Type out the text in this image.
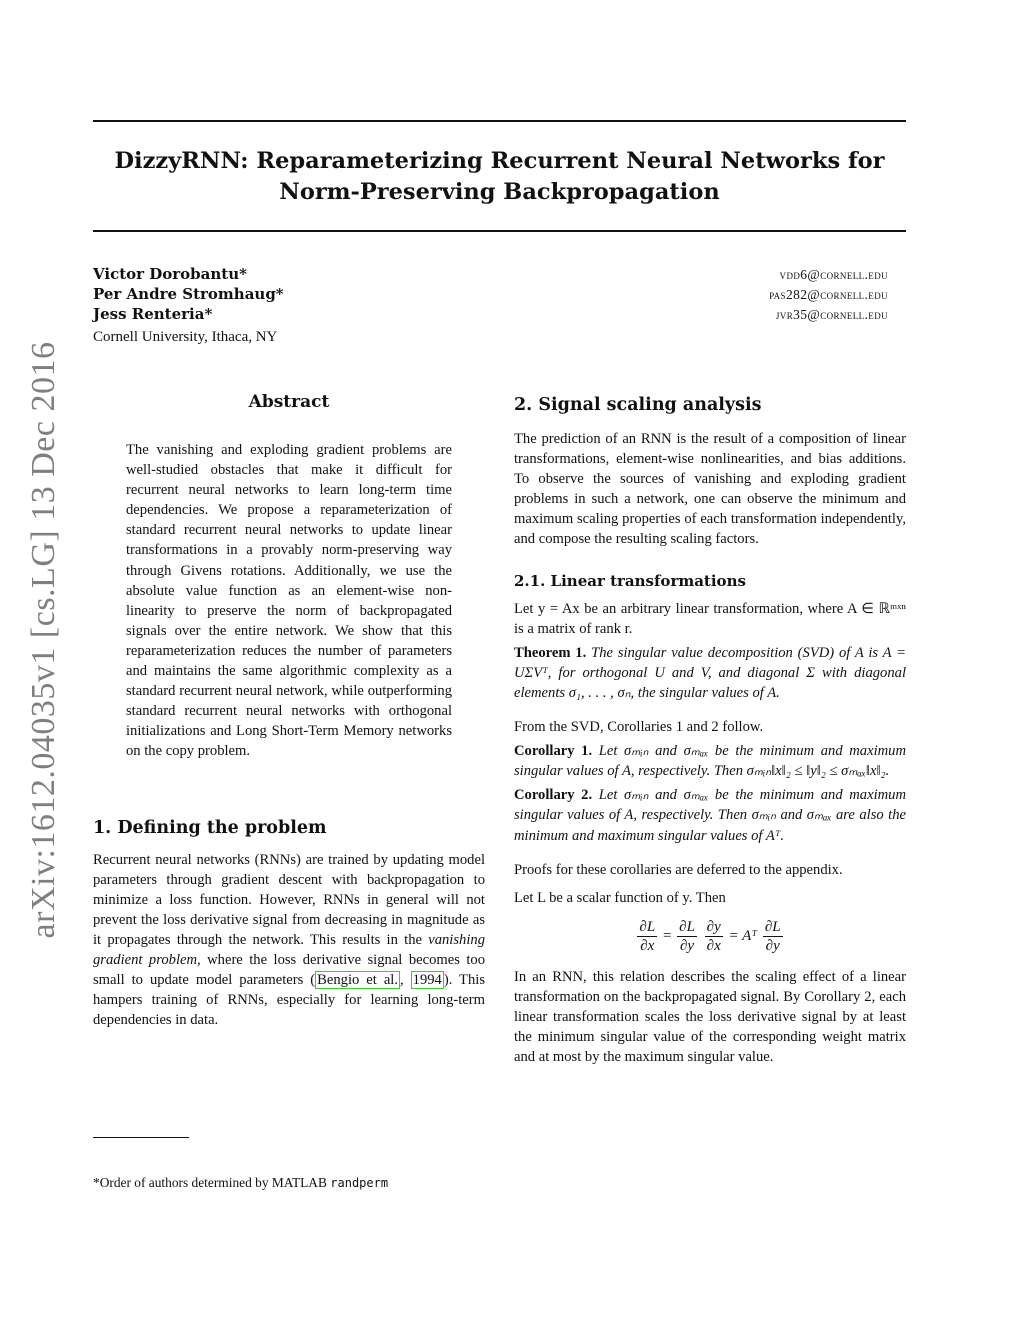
arXiv:1612.04035v1 [cs.LG] 13 Dec 2016
DizzyRNN: Reparameterizing Recurrent Neural Networks for
Norm-Preserving Backpropagation
Victor Dorobantu*	vdd6@cornell.edu
Per Andre Stromhaug*	pas282@cornell.edu
Jess Renteria*	jvr35@cornell.edu
Cornell University, Ithaca, NY
Abstract

The vanishing and exploding gradient problems are well-studied obstacles that make it difficult for recurrent neural networks to learn long-term time dependencies. We propose a reparameterization of standard recurrent neural networks to update linear transformations in a provably norm-preserving way through Givens rotations. Additionally, we use the absolute value function as an element-wise non-linearity to preserve the norm of backpropagated signals over the entire network. We show that this reparameterization reduces the number of parameters and maintains the same algorithmic complexity as a standard recurrent neural network, while outperforming standard recurrent neural networks with orthogonal initializations and Long Short-Term Memory networks on the copy problem.

1. Defining the problem

Recurrent neural networks (RNNs) are trained by updating model parameters through gradient descent with backpropagation to minimize a loss function. However, RNNs in general will not prevent the loss derivative signal from decreasing in magnitude as it propagates through the network. This results in the vanishing gradient problem, where the loss derivative signal becomes too small to update model parameters ( Bengio et al. , 1994 ). This hampers training of RNNs, especially for learning long-term dependencies in data.

*Order of authors determined by MATLAB randperm
2. Signal scaling analysis

The prediction of an RNN is the result of a composition of linear transformations, element-wise nonlinearities, and bias additions. To observe the sources of vanishing and exploding gradient problems in such a network, one can observe the minimum and maximum scaling properties of each transformation independently, and compose the resulting scaling factors.

2.1. Linear transformations

Let y = Ax be an arbitrary linear transformation, where A ∈ ℝᵐˣⁿ is a matrix of rank r.

Theorem 1. The singular value decomposition (SVD) of A is A = UΣVᵀ, for orthogonal U and V, and diagonal Σ with diagonal elements σ₁, . . . , σₙ, the singular values of A.

From the SVD, Corollaries 1 and 2 follow.

Corollary 1. Let σₘᵢₙ and σₘₐₓ be the minimum and maximum singular values of A, respectively. Then σₘᵢₙ‖x‖₂ ≤ ‖y‖₂ ≤ σₘₐₓ‖x‖₂.

Corollary 2. Let σₘᵢₙ and σₘₐₓ be the minimum and maximum singular values of A, respectively. Then σₘᵢₙ and σₘₐₓ are also the minimum and maximum singular values of Aᵀ.

Proofs for these corollaries are deferred to the appendix.

Let L be a scalar function of y. Then

$\frac{\partial L}{\partial x} = \frac{\partial L}{\partial y}$
$\frac{\partial y}{\partial x}$ = Aᵀ $\frac{\partial L}{\partial y}$

In an RNN, this relation describes the scaling effect of a linear transformation on the backpropagated signal. By Corollary 2, each linear transformation scales the loss derivative signal by at least the minimum singular value of the corresponding weight matrix and at most by the maximum singular value.
